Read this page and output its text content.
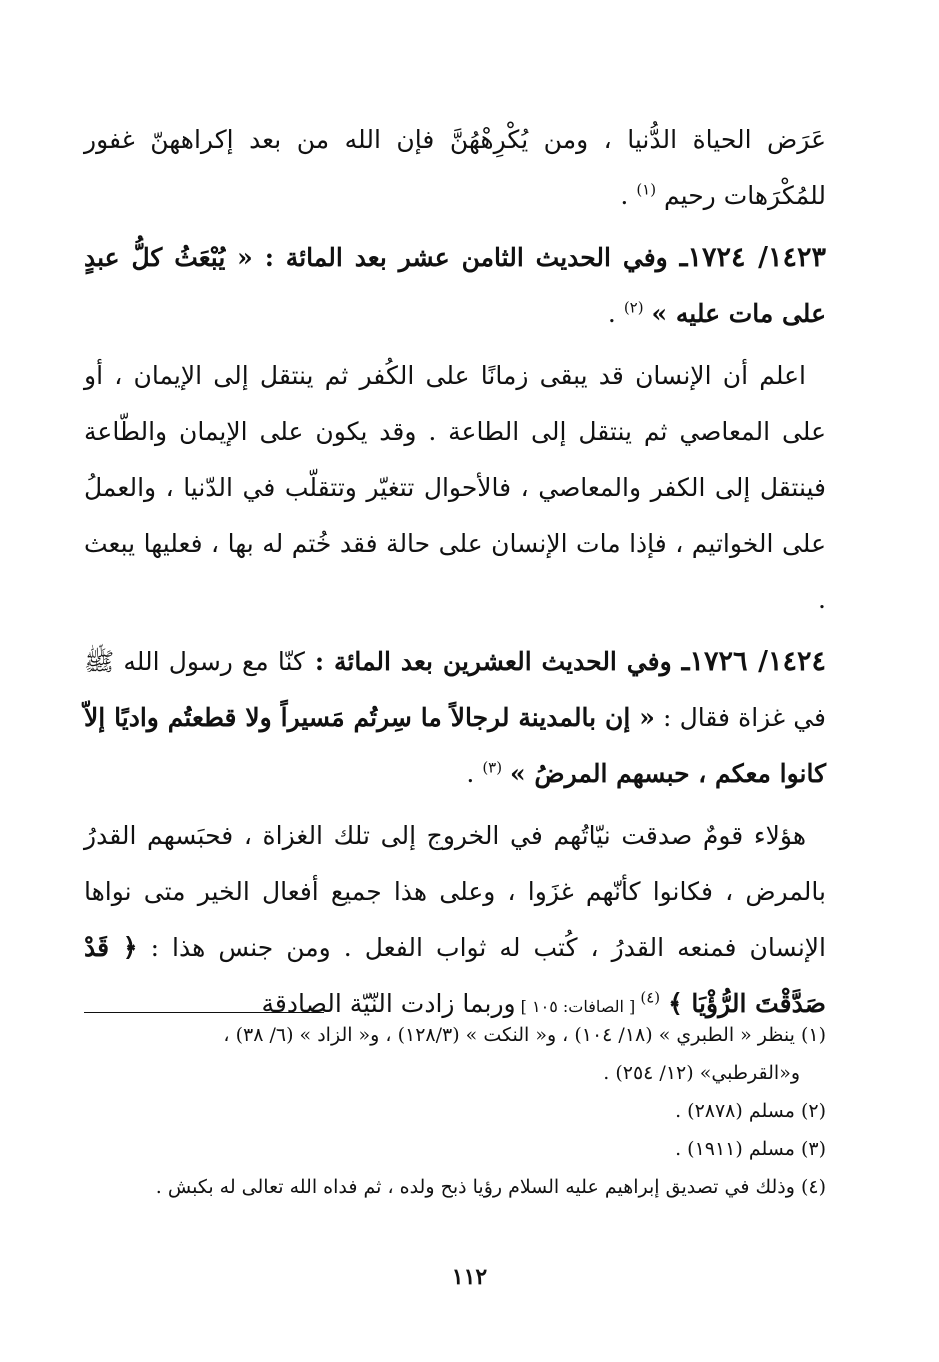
عَرَض الحياة الدُّنيا ، ومن يُكْرِهْهُنَّ فإن الله من بعد إكراههنّ غفور للمُكْرَهات رحيم $^{(١)}$ .

١٤٢٣/ ١٧٢٤ـ وفي الحديث الثامن عشر بعد المائة : « يُبْعَثُ كلُّ عبدٍ على مات عليه » $^{(٢)}$ .

اعلم أن الإنسان قد يبقى زمانًا على الكُفر ثم ينتقل إلى الإيمان ، أو على المعاصي ثم ينتقل إلى الطاعة . وقد يكون على الإيمان والطّاعة فينتقل إلى الكفر والمعاصي ، فالأحوال تتغيّر وتتقلّب في الدّنيا ، والعملُ على الخواتيم ، فإذا مات الإنسان على حالة فقد خُتم له بها ، فعليها يبعث .

١٤٢٤/ ١٧٢٦ـ وفي الحديث العشرين بعد المائة : كنّا مع رسول الله ﷺ في غزاة فقال : « إن بالمدينة لرجالاً ما سِرتُم مَسيراً ولا قطعتُم واديًا إلاّ كانوا معكم ، حبسهم المرضُ » $^{(٣)}$ .

هؤلاء قومٌ صدقت نيّاتُهم في الخروج إلى تلك الغزاة ، فحبَسهم القدرُ بالمرض ، فكانوا كأنّهم غزَوا ، وعلى هذا جميع أفعال الخير متى نواها الإنسان فمنعه القدرُ ، كُتب له ثواب الفعل . ومن جنس هذا : ﴿ قَدْ صَدَّقْتَ الرُّؤْيَا ﴾ $^{(٤)}$ [ الصافات: ١٠٥ ] وربما زادت النّيّة الصادقة

(١) ينظر « الطبري » (١٨/ ١٠٤) ، و« النكت » (١٢٨/٣) ، و« الزاد » (٦/ ٣٨) ،

و«القرطبي» (١٢/ ٢٥٤) .

(٢) مسلم (٢٨٧٨) .

(٣) مسلم (١٩١١) .

(٤) وذلك في تصديق إبراهيم عليه السلام رؤيا ذبح ولده ، ثم فداه الله تعالى له بكبش .

١١٢
